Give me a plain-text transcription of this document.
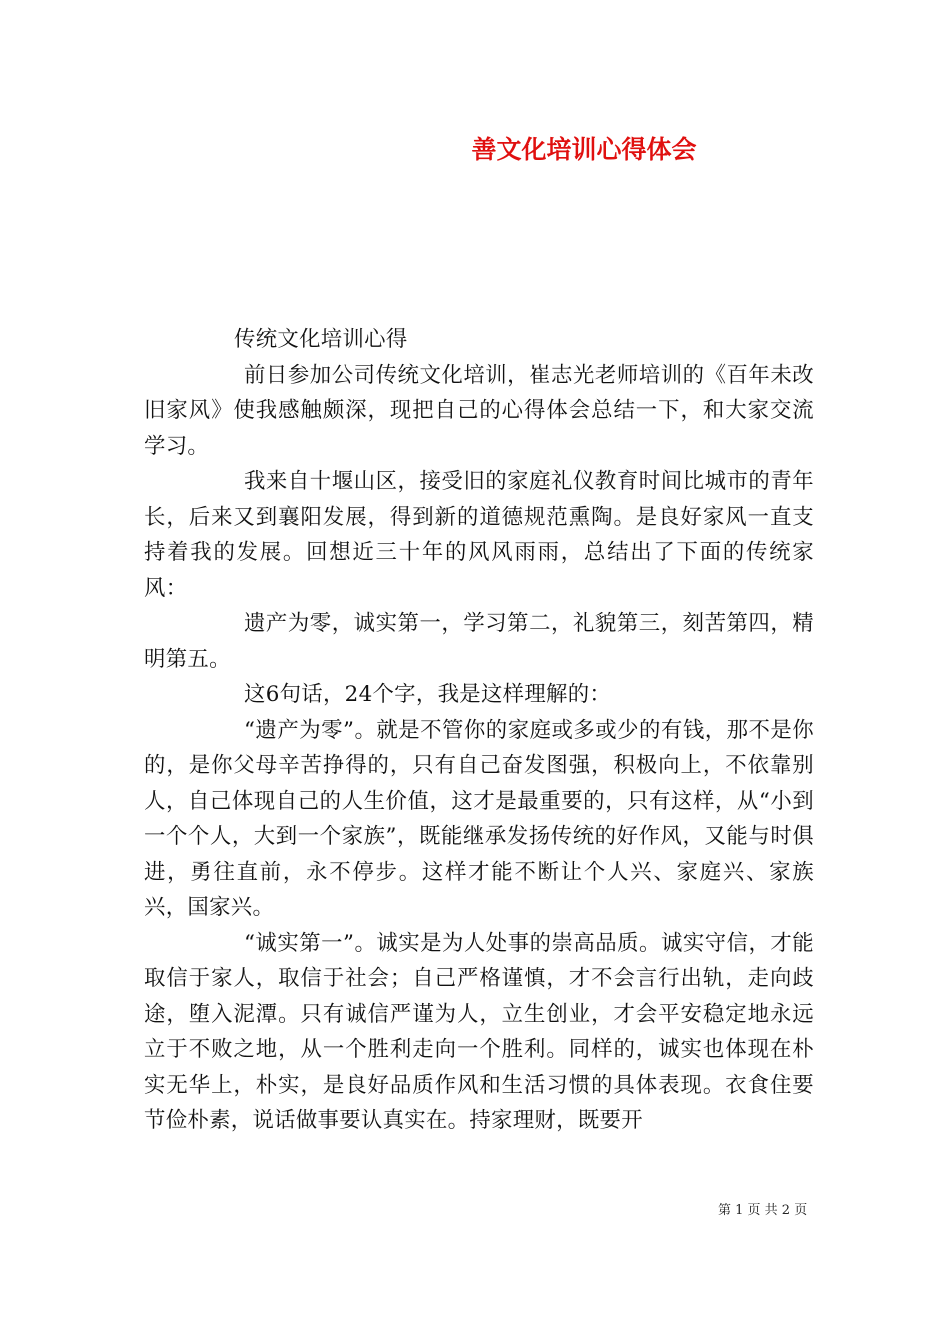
善文化培训心得体会

传统文化培训心得

前日参加公司传统文化培训，崔志光老师培训的《百年未改旧家风》使我感触颇深，现把自己的心得体会总结一下，和大家交流学习。

我来自十堰山区，接受旧的家庭礼仪教育时间比城市的青年长，后来又到襄阳发展，得到新的道德规范熏陶。是良好家风一直支持着我的发展。回想近三十年的风风雨雨，总结出了下面的传统家风：

遗产为零，诚实第一，学习第二，礼貌第三，刻苦第四，精明第五。

这6句话，24个字，我是这样理解的：

“遗产为零”。就是不管你的家庭或多或少的有钱，那不是你的，是你父母辛苦挣得的，只有自己奋发图强，积极向上，不依靠别人，自己体现自己的人生价值，这才是最重要的，只有这样，从“小到一个个人，大到一个家族”，既能继承发扬传统的好作风，又能与时俱进，勇往直前，永不停步。这样才能不断让个人兴、家庭兴、家族兴，国家兴。

“诚实第一”。诚实是为人处事的崇高品质。诚实守信，才能取信于家人，取信于社会；自己严格谨慎，才不会言行出轨，走向歧途，堕入泥潭。只有诚信严谨为人，立生创业，才会平安稳定地永远立于不败之地，从一个胜利走向一个胜利。同样的，诚实也体现在朴实无华上，朴实，是良好品质作风和生活习惯的具体表现。衣食住要节俭朴素，说话做事要认真实在。持家理财，既要开

第 1 页 共 2 页
